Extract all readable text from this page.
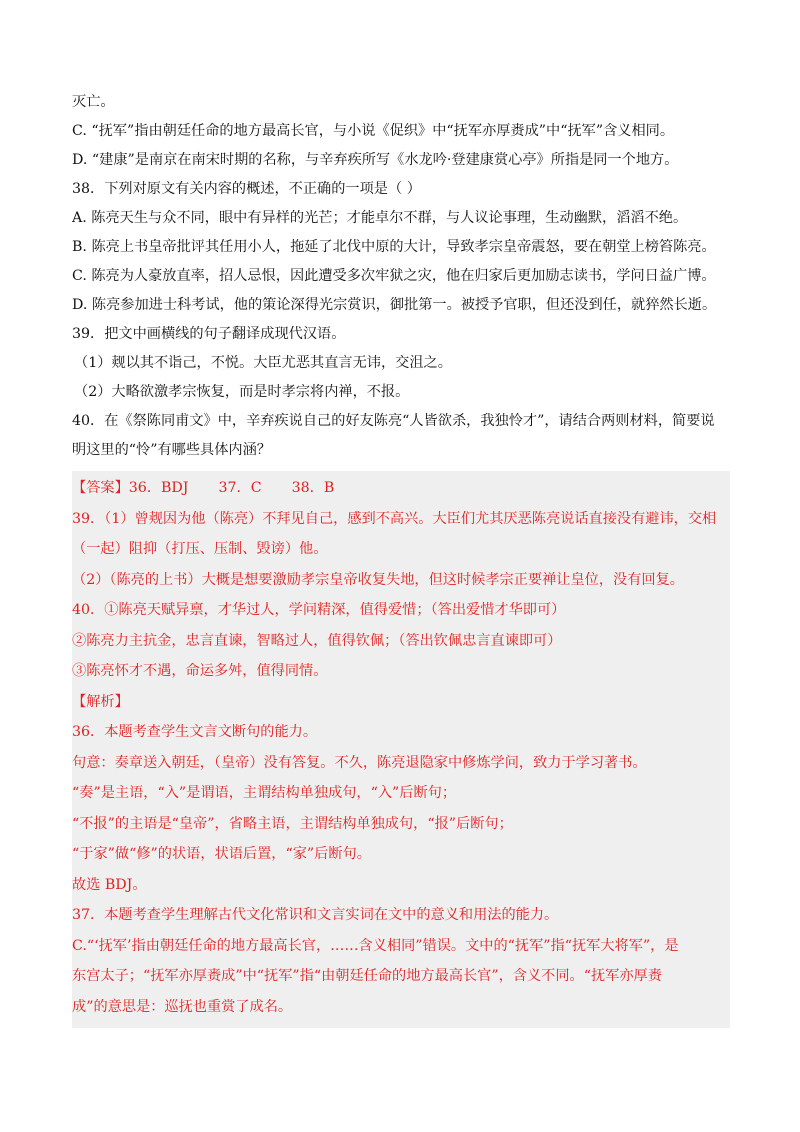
灭亡。
C. “抚军”指由朝廷任命的地方最高长官，与小说《促织》中“抚军亦厚赉成”中“抚军”含义相同。
D. “建康”是南京在南宋时期的名称，与辛弃疾所写《水龙吟·登建康赏心亭》所指是同一个地方。
38．下列对原文有关内容的概述，不正确的一项是（ ）
A. 陈亮天生与众不同，眼中有异样的光芒；才能卓尔不群，与人议论事理，生动幽默，滔滔不绝。
B. 陈亮上书皇帝批评其任用小人，拖延了北伐中原的大计，导致孝宗皇帝震怒，要在朝堂上榜笞陈亮。
C. 陈亮为人豪放直率，招人忌恨，因此遭受多次牢狱之灾，他在归家后更加励志读书，学问日益广博。
D. 陈亮参加进士科考试，他的策论深得光宗赏识，御批第一。被授予官职，但还没到任，就猝然长逝。
39．把文中画横线的句子翻译成现代汉语。
（1）觌以其不诣己，不悦。大臣尤恶其直言无讳，交沮之。
（2）大略欲激孝宗恢复，而是时孝宗将内禅，不报。
40．在《祭陈同甫文》中，辛弃疾说自己的好友陈亮“人皆欲杀，我独怜才”，请结合两则材料，简要说
明这里的“怜”有哪些具体内涵？
【答案】36．BDJ 37．C 38．B
39．（1）曾觌因为他（陈亮）不拜见自己，感到不高兴。大臣们尤其厌恶陈亮说话直接没有避讳，交相
（一起）阻抑（打压、压制、毁谤）他。
（2）（陈亮的上书）大概是想要激励孝宗皇帝收复失地，但这时候孝宗正要禅让皇位，没有回复。
40．①陈亮天赋异禀，才华过人，学问精深，值得爱惜；（答出爱惜才华即可）
②陈亮力主抗金，忠言直谏，智略过人，值得钦佩；（答出钦佩忠言直谏即可）
③陈亮怀才不遇，命运多舛，值得同情。
【解析】
36．本题考查学生文言文断句的能力。
句意：奏章送入朝廷，（皇帝）没有答复。不久，陈亮退隐家中修炼学问，致力于学习著书。
“奏”是主语，“入”是谓语，主谓结构单独成句，“入”后断句；
“不报”的主语是“皇帝”，省略主语，主谓结构单独成句，“报”后断句；
“于家”做“修”的状语，状语后置，“家”后断句。
故选 BDJ。
37．本题考查学生理解古代文化常识和文言实词在文中的意义和用法的能力。
C.“‘抚军’指由朝廷任命的地方最高长官，……含义相同”错误。文中的“抚军”指“抚军大将军”，是
东宫太子；“抚军亦厚赉成”中“抚军”指“由朝廷任命的地方最高长官”，含义不同。“抚军亦厚赉
成”的意思是：巡抚也重赏了成名。
